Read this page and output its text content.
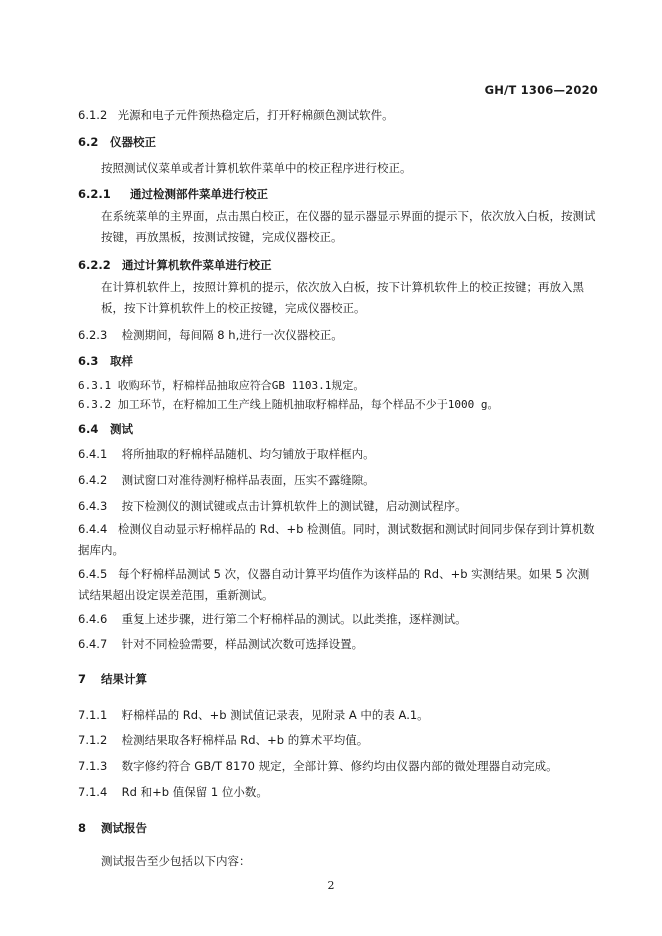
GH/T 1306—2020
6.1.2 光源和电子元件预热稳定后，打开籽棉颜色测试软件。
6.2 仪器校正
按照测试仪菜单或者计算机软件菜单中的校正程序进行校正。
6.2.1 通过检测部件菜单进行校正
在系统菜单的主界面，点击黑白校正，在仪器的显示器显示界面的提示下，依次放入白板，按测试按键，再放黑板，按测试按键，完成仪器校正。
6.2.2 通过计算机软件菜单进行校正
在计算机软件上，按照计算机的提示，依次放入白板，按下计算机软件上的校正按键；再放入黑板，按下计算机软件上的校正按键，完成仪器校正。
6.2.3 检测期间，每间隔 8 h,进行一次仪器校正。
6.3 取样
6.3.1 收购环节，籽棉样品抽取应符合GB 1103.1规定。
6.3.2 加工环节，在籽棉加工生产线上随机抽取籽棉样品，每个样品不少于1000 g。
6.4 测试
6.4.1 将所抽取的籽棉样品随机、均匀铺放于取样框内。
6.4.2 测试窗口对准待测籽棉样品表面，压实不露缝隙。
6.4.3 按下检测仪的测试键或点击计算机软件上的测试键，启动测试程序。
6.4.4 检测仪自动显示籽棉样品的 Rd、+b 检测值。同时，测试数据和测试时间同步保存到计算机数据库内。
6.4.5 每个籽棉样品测试 5 次，仪器自动计算平均值作为该样品的 Rd、+b 实测结果。如果 5 次测试结果超出设定误差范围，重新测试。
6.4.6 重复上述步骤，进行第二个籽棉样品的测试。以此类推，逐样测试。
6.4.7 针对不同检验需要，样品测试次数可选择设置。
7 结果计算
7.1.1 籽棉样品的 Rd、+b 测试值记录表，见附录 A 中的表 A.1。
7.1.2 检测结果取各籽棉样品 Rd、+b 的算术平均值。
7.1.3 数字修约符合 GB/T 8170 规定，全部计算、修约均由仪器内部的微处理器自动完成。
7.1.4 Rd 和+b 值保留 1 位小数。
8 测试报告
测试报告至少包括以下内容：
2
